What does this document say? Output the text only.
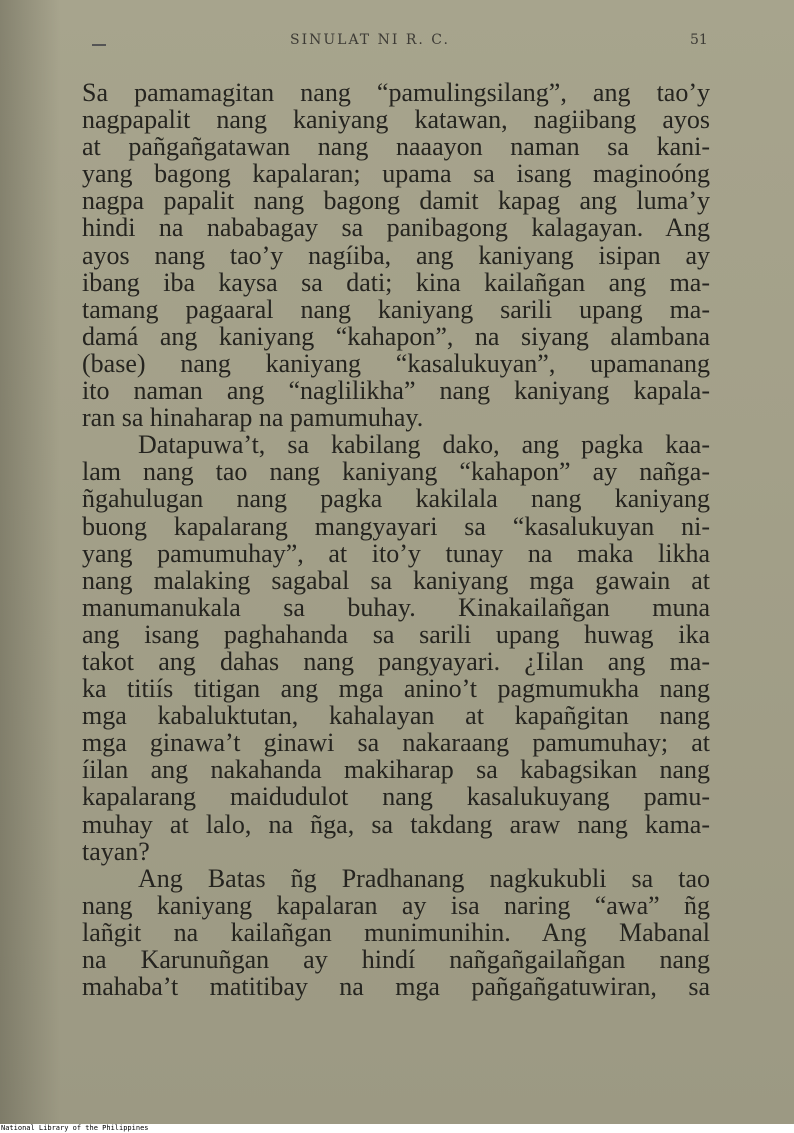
SINULAT NI R. C.	51
Sa pamamagitan nang “pamulingsilang”, ang tao’y
nagpapalit nang kaniyang katawan, nagiibang ayos
at pañgañgatawan nang naaayon naman sa kani-
yang bagong kapalaran; upama sa isang maginoóng
nagpa papalit nang bagong damit kapag ang luma’y
hindi na nababagay sa panibagong kalagayan. Ang
ayos nang tao’y nagíiba, ang kaniyang isipan ay
ibang iba kaysa sa dati; kina kailañgan ang ma-
tamang pagaaral nang kaniyang sarili upang ma-
damá ang kaniyang “kahapon”, na siyang alambana
(base) nang kaniyang “kasalukuyan”, upamanang
ito naman ang “naglilikha” nang kaniyang kapala-
ran sa hinaharap na pamumuhay.
Datapuwa’t, sa kabilang dako, ang pagka kaa-
lam nang tao nang kaniyang “kahapon” ay nañga-
ñgahulugan nang pagka kakilala nang kaniyang
buong kapalarang mangyayari sa “kasalukuyan ni-
yang pamumuhay”, at ito’y tunay na maka likha
nang malaking sagabal sa kaniyang mga gawain at
manumanukala sa buhay. Kinakailañgan muna
ang isang paghahanda sa sarili upang huwag ika
takot ang dahas nang pangyayari. ¿Iilan ang ma-
ka titiís titigan ang mga anino’t pagmumukha nang
mga kabaluktutan, kahalayan at kapañgitan nang
mga ginawa’t ginawi sa nakaraang pamumuhay; at
íilan ang nakahanda makiharap sa kabagsikan nang
kapalarang maidudulot nang kasalukuyang pamu-
muhay at lalo, na ñga, sa takdang araw nang kama-
tayan?
Ang Batas ñg Pradhanang nagkukubli sa tao
nang kaniyang kapalaran ay isa naring “awa” ñg
lañgit na kailañgan munimunihin. Ang Mabanal
na Karunuñgan ay hindí nañgañgailañgan nang
mahaba’t matitibay na mga pañgañgatuwiran, sa
National Library of the Philippines
